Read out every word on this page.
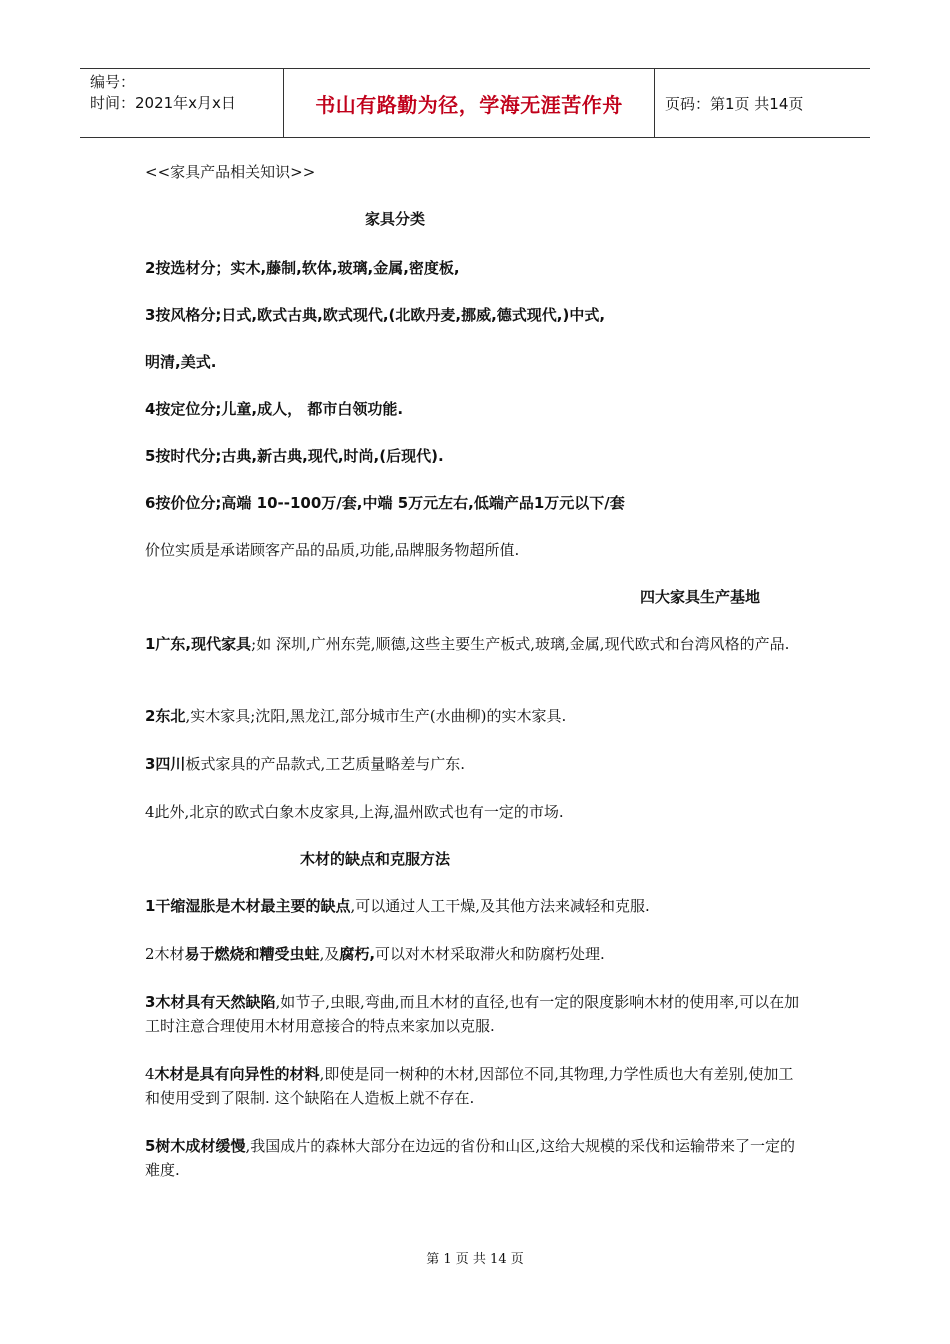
编号：
时间：2021年x月x日	书山有路勤为径，学海无涯苦作舟	页码：第1页 共14页
<<家具产品相关知识>>
家具分类
2按选材分；实木,藤制,软体,玻璃,金属,密度板,
3按风格分;日式,欧式古典,欧式现代,(北欧丹麦,挪威,德式现代,)中式,
明清,美式.
4按定位分;儿童,成人， 都市白领功能.
5按时代分;古典,新古典,现代,时尚,(后现代).
6按价位分;高端 10--100万/套,中端 5万元左右,低端产品1万元以下/套
价位实质是承诺顾客产品的品质,功能,品牌服务物超所值.
四大家具生产基地
1广东,现代家具;如 深圳,广州东莞,顺德,这些主要生产板式,玻璃,金属,现代欧式和台湾风格的产品.
2东北,实木家具;沈阳,黑龙江,部分城市生产(水曲柳)的实木家具.
3四川板式家具的产品款式,工艺质量略差与广东.
4此外,北京的欧式白象木皮家具,上海,温州欧式也有一定的市场.
木材的缺点和克服方法
1干缩湿胀是木材最主要的缺点,可以通过人工干燥,及其他方法来减轻和克服.
2木材易于燃烧和糟受虫蛀,及腐朽,可以对木材采取滞火和防腐朽处理.
3木材具有天然缺陷,如节子,虫眼,弯曲,而且木材的直径,也有一定的限度影响木材的使用率,可以在加工时注意合理使用木材用意接合的特点来家加以克服.
4木材是具有向异性的材料,即使是同一树种的木材,因部位不同,其物理,力学性质也大有差别,使加工和使用受到了限制. 这个缺陷在人造板上就不存在.
5树木成材缓慢,我国成片的森林大部分在边远的省份和山区,这给大规模的采伐和运输带来了一定的难度.
第 1 页 共 14 页
